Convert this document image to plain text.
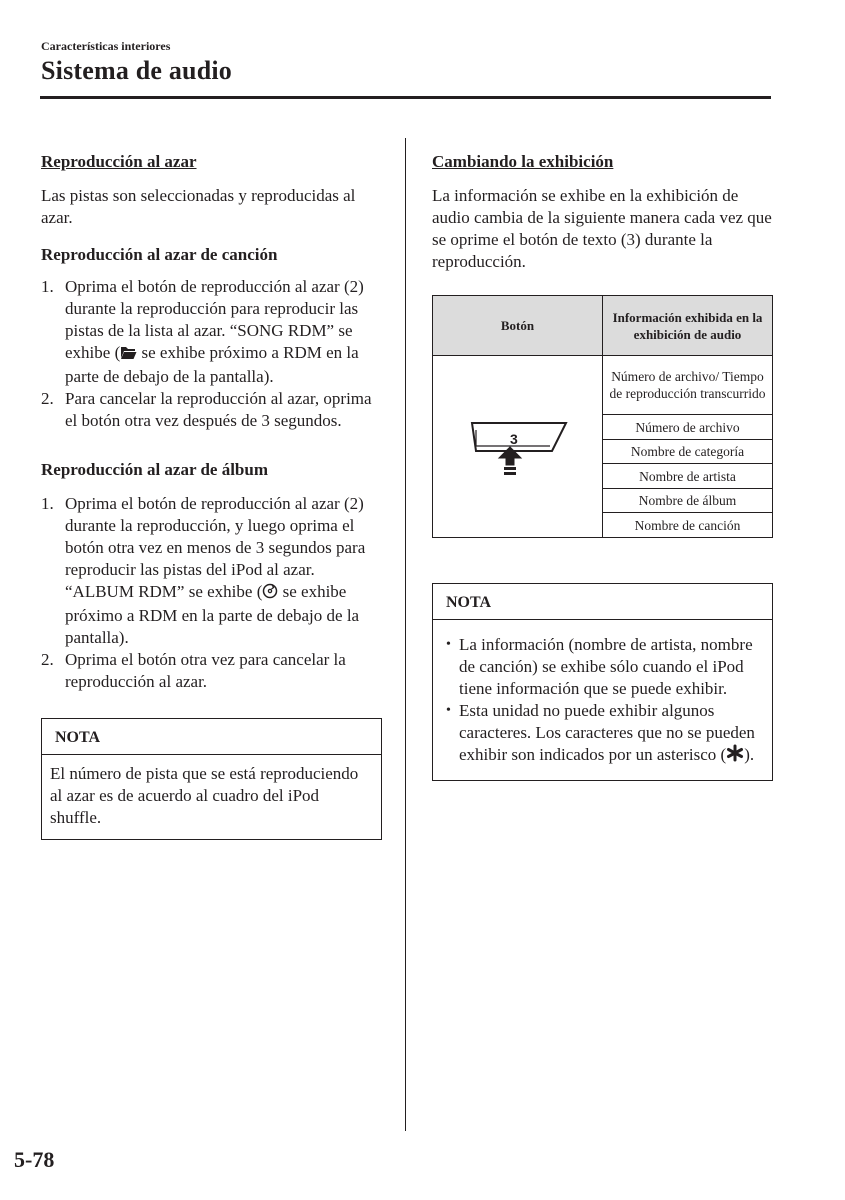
Características interiores
Sistema de audio
Reproducción al azar
Las pistas son seleccionadas y reproducidas al azar.
Reproducción al azar de canción
1. Oprima el botón de reproducción al azar (2) durante la reproducción para reproducir las pistas de la lista al azar. “SONG RDM” se exhibe ( se exhibe próximo a RDM en la parte de debajo de la pantalla).
2. Para cancelar la reproducción al azar, oprima el botón otra vez después de 3 segundos.
Reproducción al azar de álbum
1. Oprima el botón de reproducción al azar (2) durante la reproducción, y luego oprima el botón otra vez en menos de 3 segundos para reproducir las pistas del iPod al azar. “ALBUM RDM” se exhibe ( se exhibe próximo a RDM en la parte de debajo de la pantalla).
2. Oprima el botón otra vez para cancelar la reproducción al azar.
NOTA
El número de pista que se está reproduciendo al azar es de acuerdo al cuadro del iPod shuffle.
Cambiando la exhibición
La información se exhibe en la exhibición de audio cambia de la siguiente manera cada vez que se oprime el botón de texto (3) durante la reproducción.
Botón	Información exhibida en la exhibición de audio

3	Número de archivo/ Tiempo de reproducción transcurrido
	Número de archivo
	Nombre de categoría
	Nombre de artista
	Nombre de álbum
	Nombre de canción
NOTA
• La información (nombre de artista, nombre de canción) se exhibe sólo cuando el iPod tiene información que se puede exhibir.
• Esta unidad no puede exhibir algunos caracteres. Los caracteres que no se pueden exhibir son indicados por un asterisco ( ).
5-78
